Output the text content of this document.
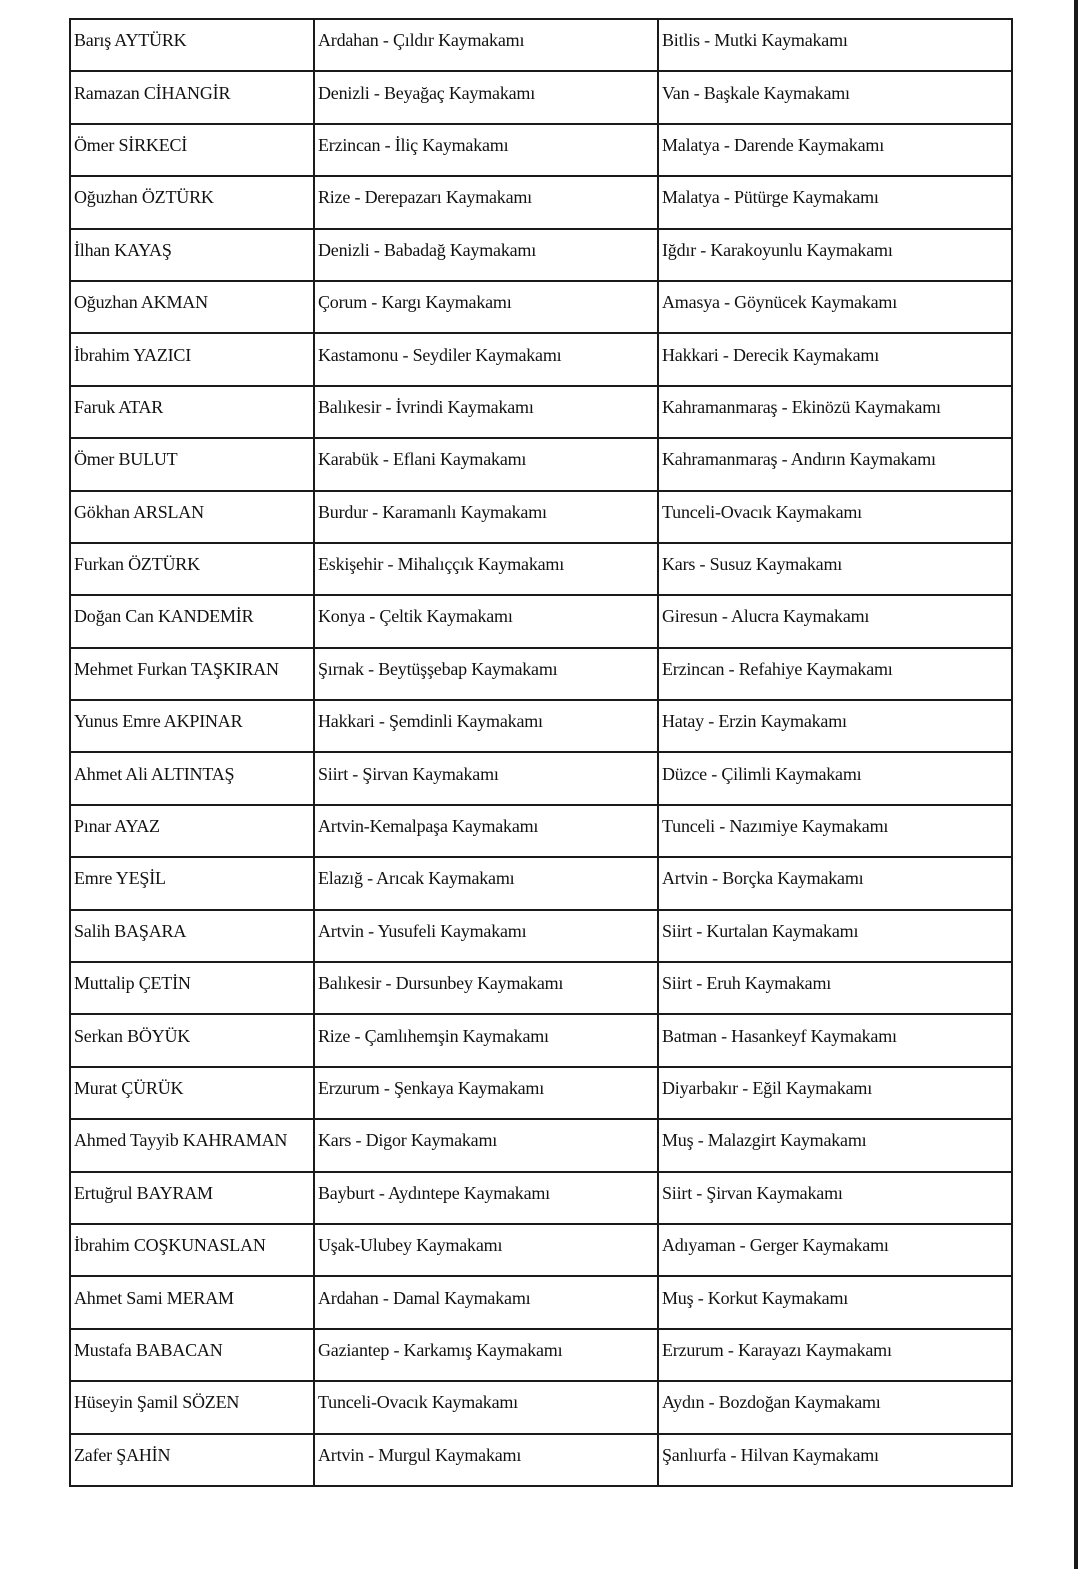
Barış AYTÜRK	Ardahan - Çıldır Kaymakamı	Bitlis - Mutki Kaymakamı
Ramazan CİHANGİR	Denizli - Beyağaç Kaymakamı	Van - Başkale Kaymakamı
Ömer SİRKECİ	Erzincan - İliç Kaymakamı	Malatya - Darende Kaymakamı
Oğuzhan ÖZTÜRK	Rize - Derepazarı Kaymakamı	Malatya - Pütürge Kaymakamı
İlhan KAYAŞ	Denizli - Babadağ Kaymakamı	Iğdır - Karakoyunlu Kaymakamı
Oğuzhan AKMAN	Çorum - Kargı Kaymakamı	Amasya - Göynücek Kaymakamı
İbrahim YAZICI	Kastamonu - Seydiler Kaymakamı	Hakkari - Derecik Kaymakamı
Faruk ATAR	Balıkesir - İvrindi Kaymakamı	Kahramanmaraş - Ekinözü Kaymakamı
Ömer BULUT	Karabük - Eflani Kaymakamı	Kahramanmaraş - Andırın Kaymakamı
Gökhan ARSLAN	Burdur - Karamanlı Kaymakamı	Tunceli-Ovacık Kaymakamı
Furkan ÖZTÜRK	Eskişehir - Mihalıççık Kaymakamı	Kars - Susuz Kaymakamı
Doğan Can KANDEMİR	Konya - Çeltik Kaymakamı	Giresun - Alucra Kaymakamı
Mehmet Furkan TAŞKIRAN	Şırnak - Beytüşşebap Kaymakamı	Erzincan - Refahiye Kaymakamı
Yunus Emre AKPINAR	Hakkari - Şemdinli Kaymakamı	Hatay - Erzin Kaymakamı
Ahmet Ali ALTINTAŞ	Siirt - Şirvan Kaymakamı	Düzce - Çilimli Kaymakamı
Pınar AYAZ	Artvin-Kemalpaşa Kaymakamı	Tunceli - Nazımiye Kaymakamı
Emre YEŞİL	Elazığ - Arıcak Kaymakamı	Artvin - Borçka Kaymakamı
Salih BAŞARA	Artvin - Yusufeli Kaymakamı	Siirt - Kurtalan Kaymakamı
Muttalip ÇETİN	Balıkesir - Dursunbey Kaymakamı	Siirt - Eruh Kaymakamı
Serkan BÖYÜK	Rize - Çamlıhemşin Kaymakamı	Batman - Hasankeyf Kaymakamı
Murat ÇÜRÜK	Erzurum - Şenkaya Kaymakamı	Diyarbakır - Eğil Kaymakamı
Ahmed Tayyib KAHRAMAN	Kars - Digor Kaymakamı	Muş - Malazgirt Kaymakamı
Ertuğrul BAYRAM	Bayburt - Aydıntepe Kaymakamı	Siirt - Şirvan Kaymakamı
İbrahim COŞKUNASLAN	Uşak-Ulubey Kaymakamı	Adıyaman - Gerger Kaymakamı
Ahmet Sami MERAM	Ardahan - Damal Kaymakamı	Muş - Korkut Kaymakamı
Mustafa BABACAN	Gaziantep - Karkamış Kaymakamı	Erzurum - Karayazı Kaymakamı
Hüseyin Şamil SÖZEN	Tunceli-Ovacık Kaymakamı	Aydın - Bozdoğan Kaymakamı
Zafer ŞAHİN	Artvin - Murgul Kaymakamı	Şanlıurfa - Hilvan Kaymakamı
